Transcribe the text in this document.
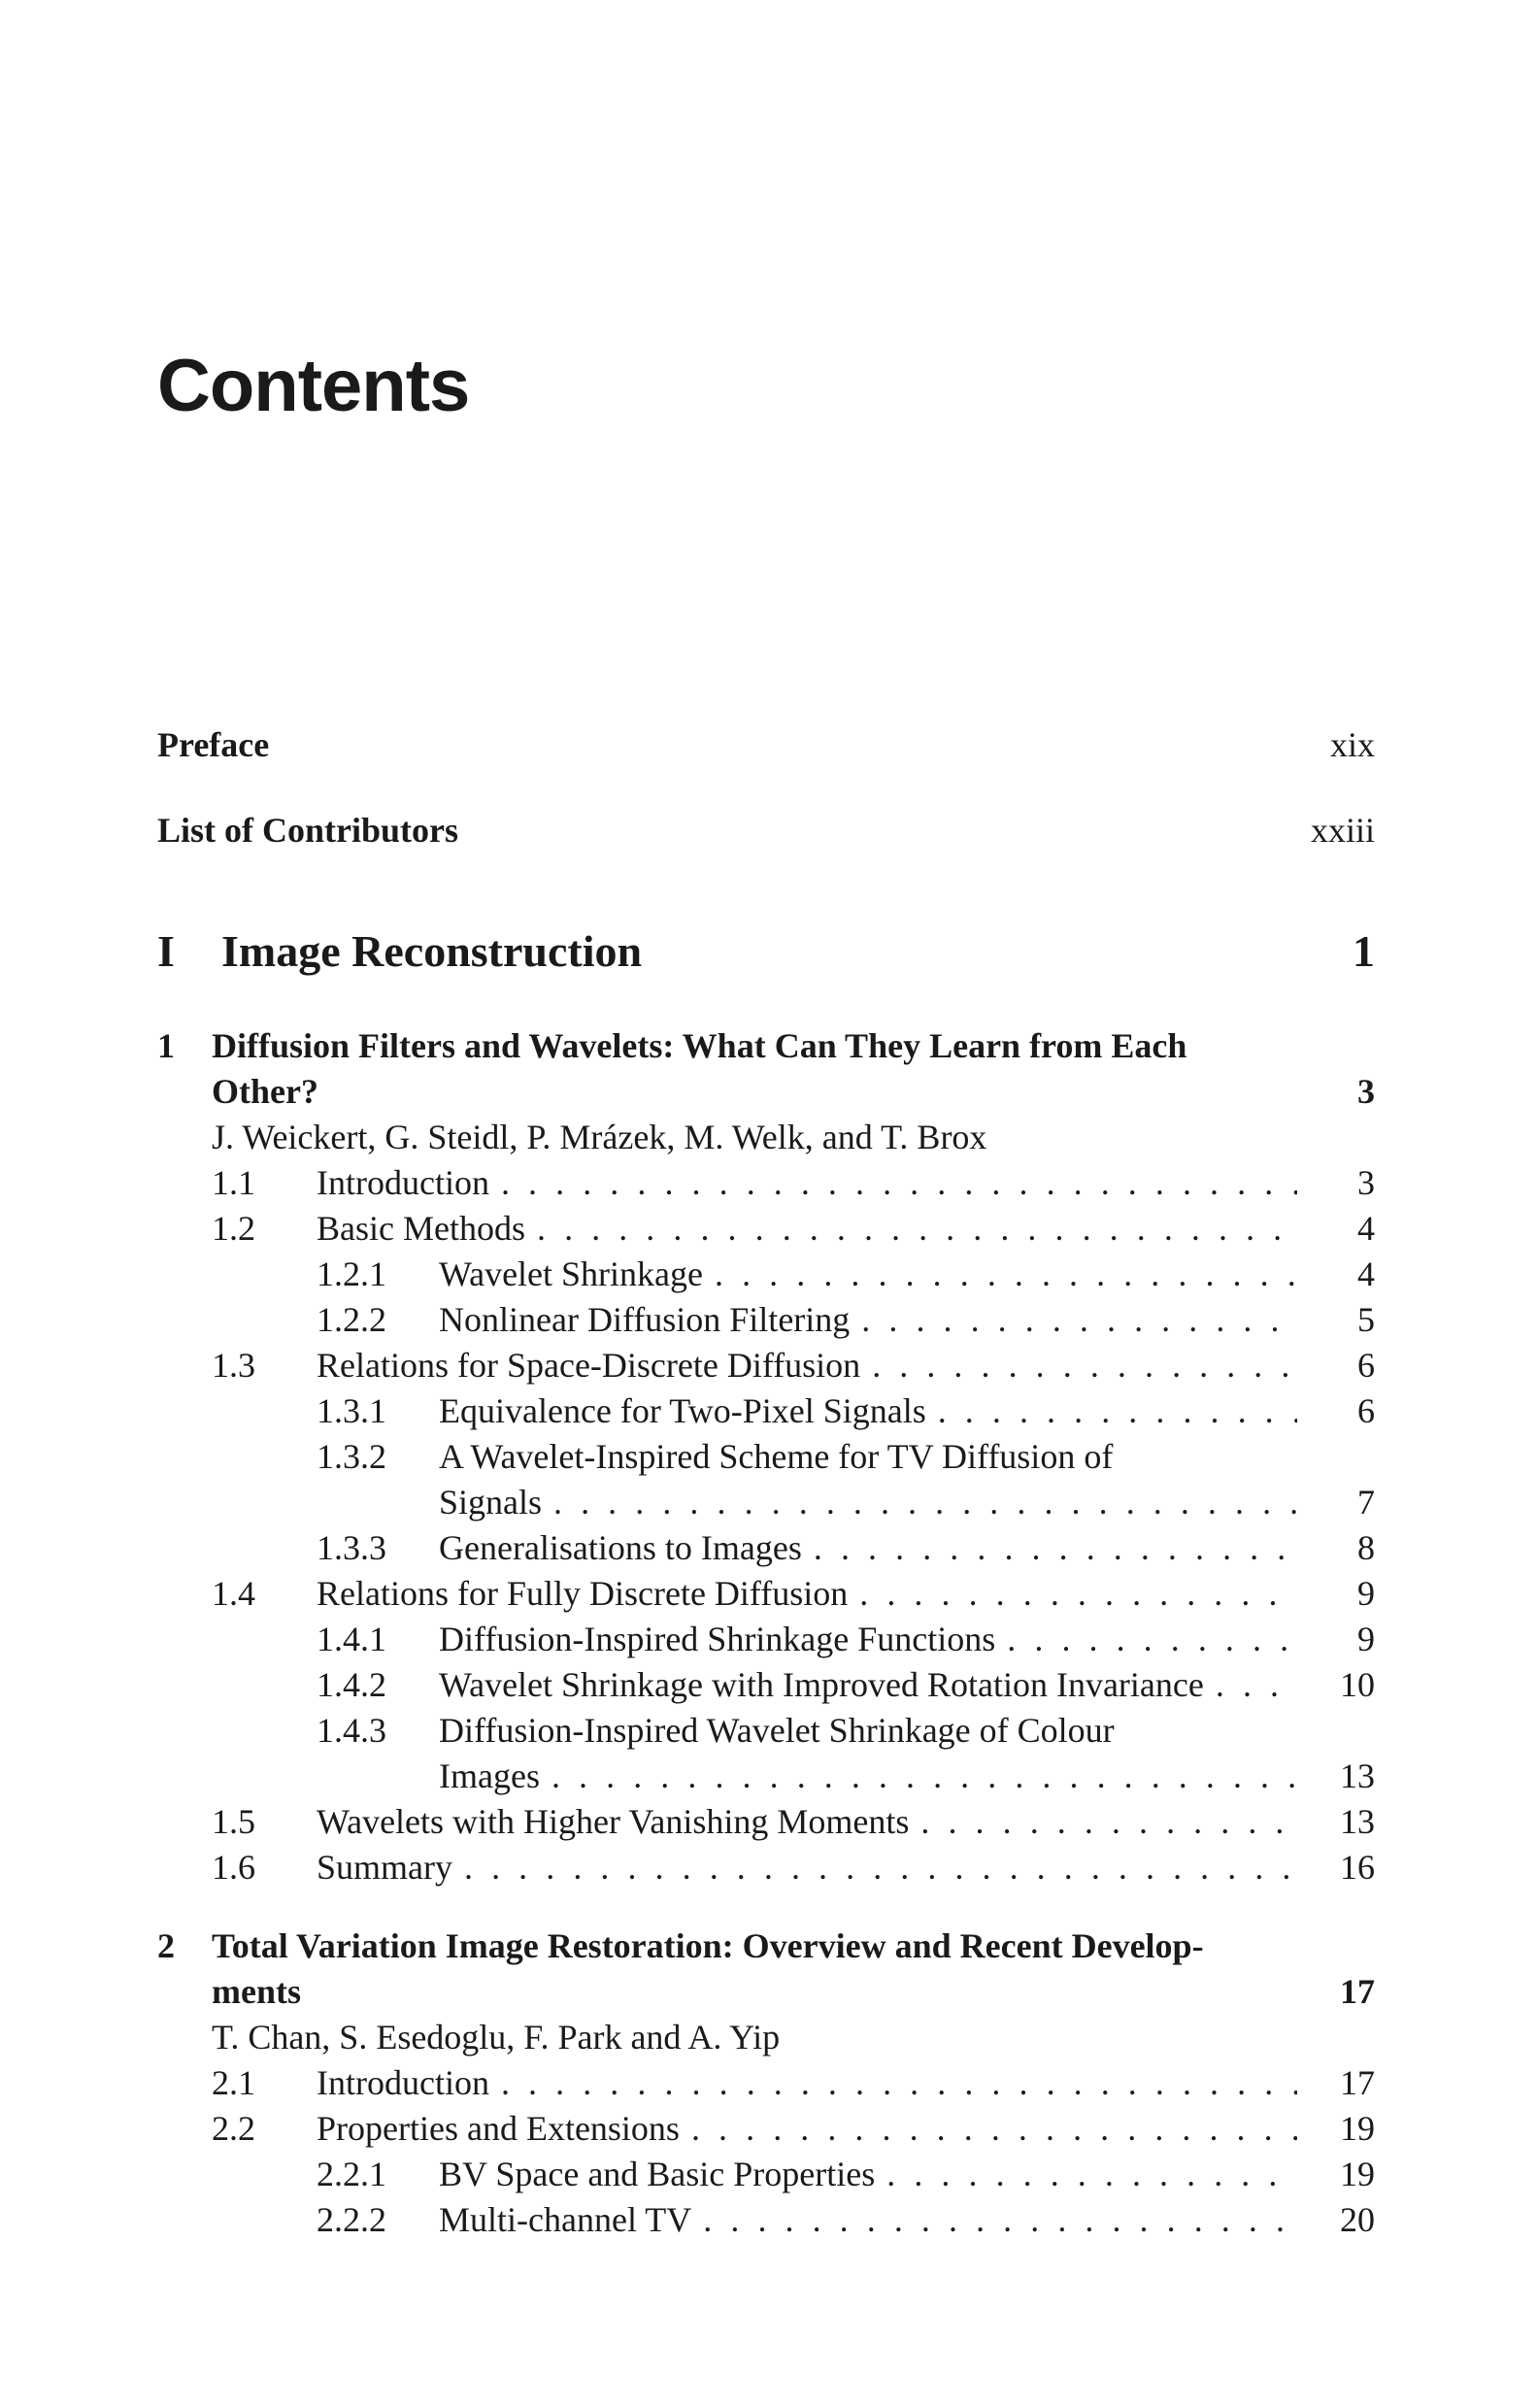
Contents
Preface	xix
List of Contributors	xxiii
I	Image Reconstruction	1
1	Diffusion Filters and Wavelets: What Can They Learn from Each
Other?	3
J. Weickert, G. Steidl, P. Mrázek, M. Welk, and T. Brox
1.1	Introduction . . .	3
1.2	Basic Methods . . .	4
1.2.1	Wavelet Shrinkage . . .	4
1.2.2	Nonlinear Diffusion Filtering . . .	5
1.3	Relations for Space-Discrete Diffusion . . .	6
1.3.1	Equivalence for Two-Pixel Signals . . .	6
1.3.2	A Wavelet-Inspired Scheme for TV Diffusion of
Signals . . .	7
1.3.3	Generalisations to Images . . .	8
1.4	Relations for Fully Discrete Diffusion . . .	9
1.4.1	Diffusion-Inspired Shrinkage Functions . . .	9
1.4.2	Wavelet Shrinkage with Improved Rotation Invariance . . .	10
1.4.3	Diffusion-Inspired Wavelet Shrinkage of Colour
Images . . .	13
1.5	Wavelets with Higher Vanishing Moments . . .	13
1.6	Summary . . .	16
2	Total Variation Image Restoration: Overview and Recent Develop-
ments	17
T. Chan, S. Esedoglu, F. Park and A. Yip
2.1	Introduction . . .	17
2.2	Properties and Extensions . . .	19
2.2.1	BV Space and Basic Properties . . .	19
2.2.2	Multi-channel TV . . .	20
